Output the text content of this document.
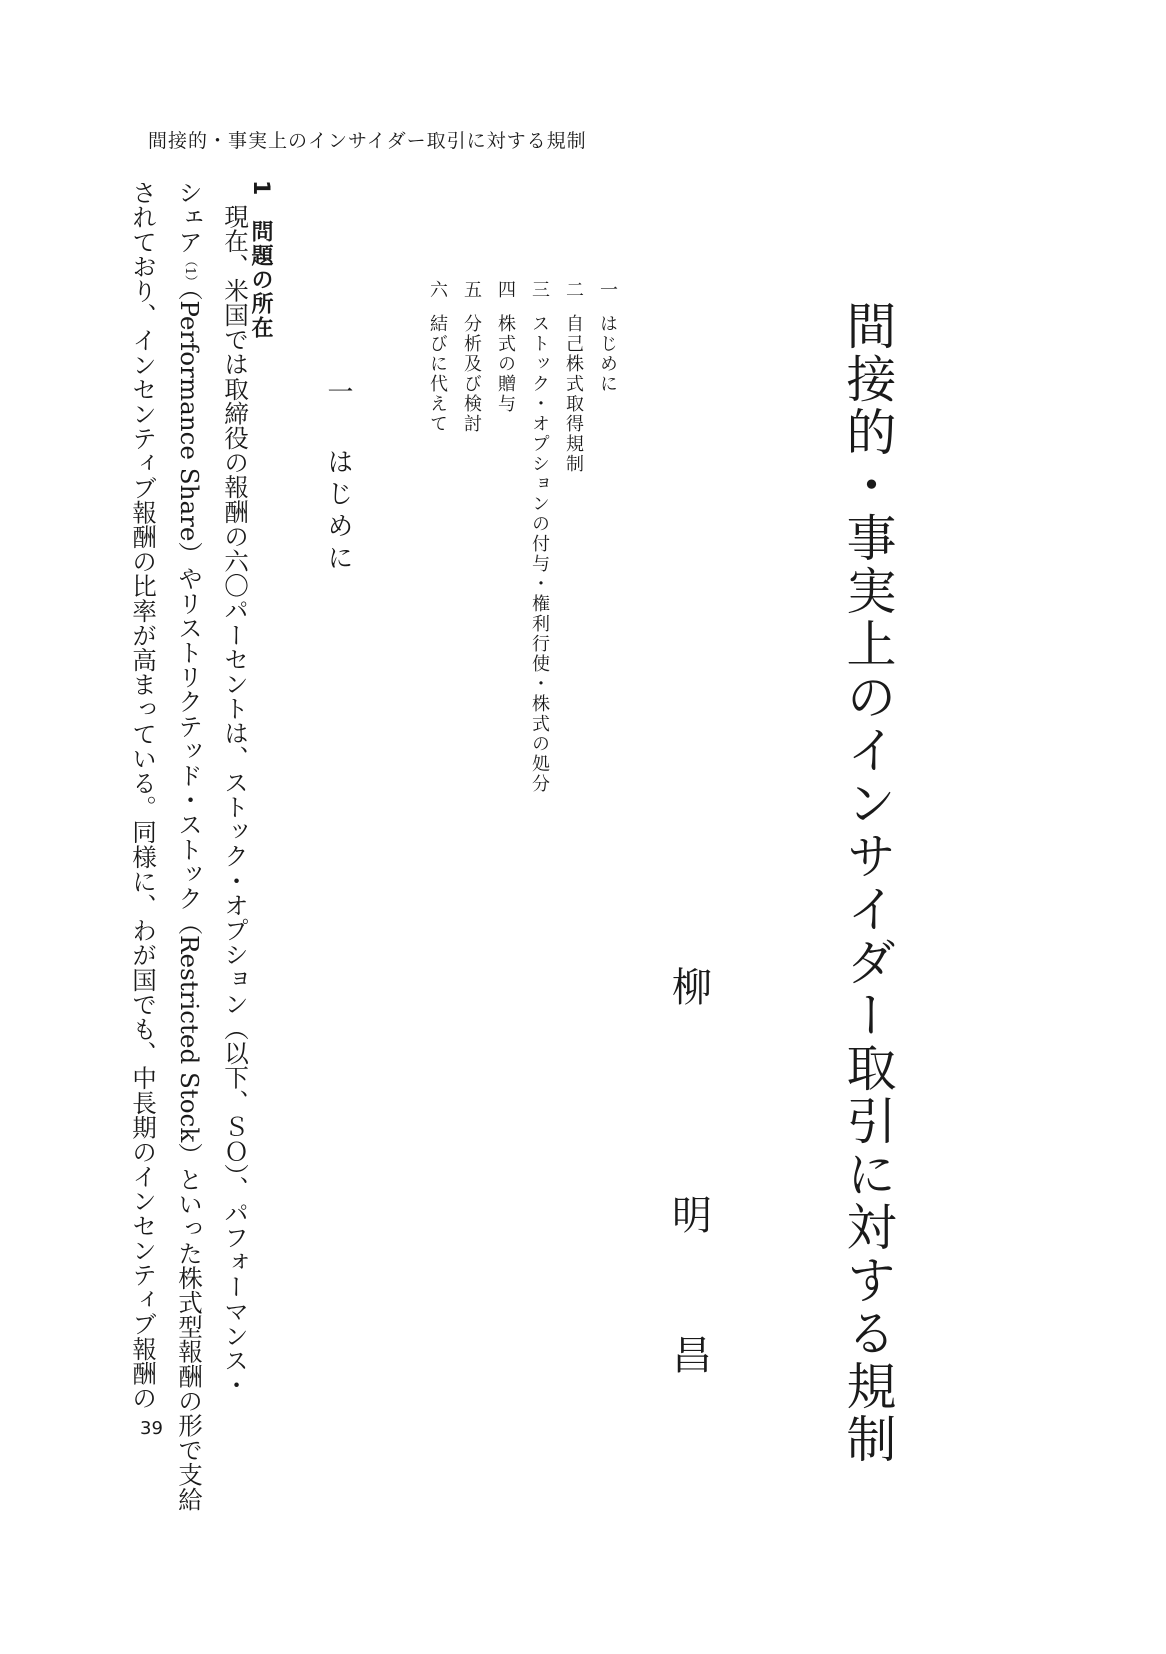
間接的・事実上のインサイダー取引に対する規制
間接的・事実上のインサイダー取引に対する規制
柳
明
昌
一はじめに
二自己株式取得規制
三ストック・オプションの付与・権利行使・株式の処分
四株式の贈与
五分析及び検討
六結びに代えて
一はじめに
1問題の所在
現在、米国では取締役の報酬の六〇パーセントは、ストック・オプション（以下、ＳＯ）、パフォーマンス・
シェア（1）（Performance Share）やリストリクテッド・ストック（Restricted Stock）といった株式型報酬の形で支給
されており、インセンティブ報酬の比率が高まっている。同様に、わが国でも、中長期のインセンティブ報酬の
39
